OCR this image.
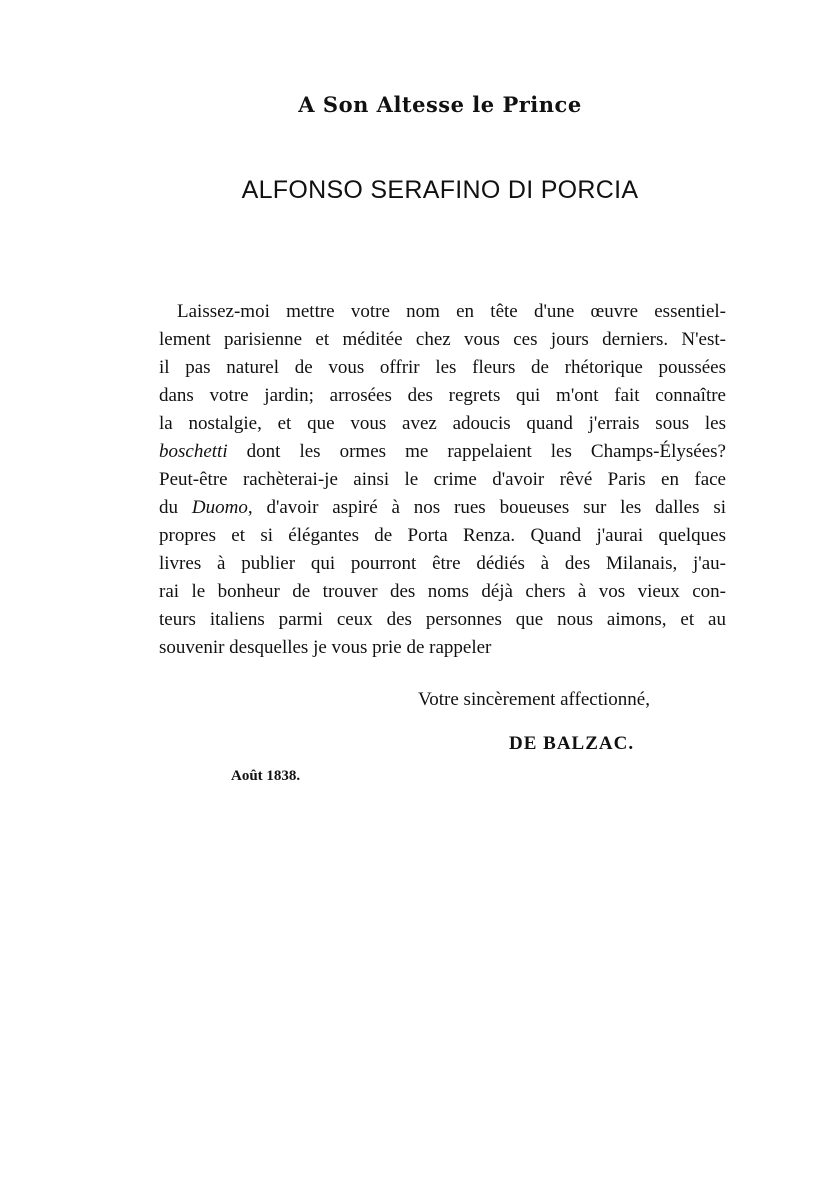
A Son Altesse le Prince
ALFONSO SERAFINO DI PORCIA
Laissez-moi mettre votre nom en tête d'une œuvre essentiel-
lement parisienne et méditée chez vous ces jours derniers. N'est-
il pas naturel de vous offrir les fleurs de rhétorique poussées
dans votre jardin; arrosées des regrets qui m'ont fait connaître
la nostalgie, et que vous avez adoucis quand j'errais sous les
boschetti dont les ormes me rappelaient les Champs-Élysées?
Peut-être rachèterai-je ainsi le crime d'avoir rêvé Paris en face
du Duomo, d'avoir aspiré à nos rues boueuses sur les dalles si
propres et si élégantes de Porta Renza. Quand j'aurai quelques
livres à publier qui pourront être dédiés à des Milanais, j'au-
rai le bonheur de trouver des noms déjà chers à vos vieux con-
teurs italiens parmi ceux des personnes que nous aimons, et au
souvenir desquelles je vous prie de rappeler
Votre sincèrement affectionné,
DE BALZAC.
Août 1838.
